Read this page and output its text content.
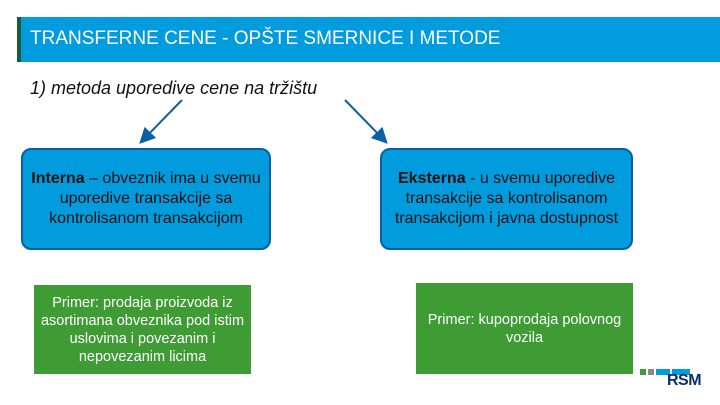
TRANSFERNE CENE - OPŠTE SMERNICE I METODE
1) metoda uporedive cene na tržištu
Interna – obveznik ima u svemu uporedive transakcije sa kontrolisanom transakcijom
Eksterna - u svemu uporedive transakcije sa kontrolisanom transakcijom i javna dostupnost
Primer: prodaja proizvoda iz asortimana obveznika pod istim uslovima i povezanim i nepovezanim licima
Primer: kupoprodaja polovnog vozila
RSM
